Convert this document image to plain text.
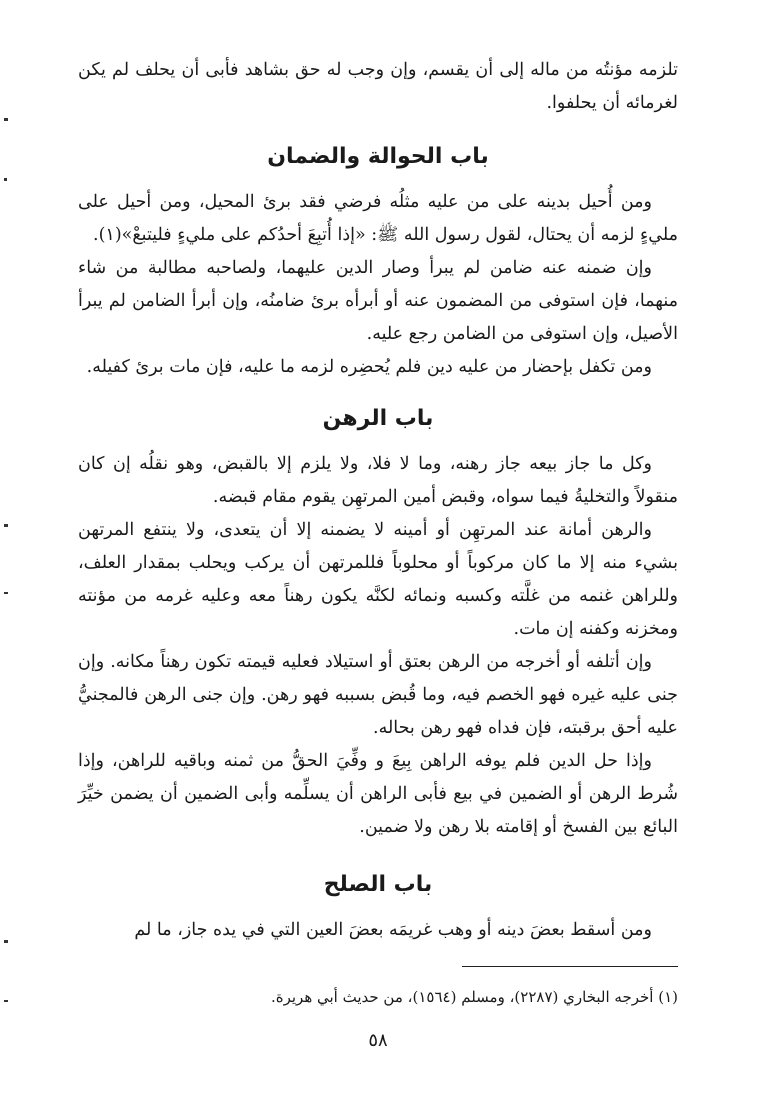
تلزمه مؤنتُه من ماله إلى أن يقسم، وإن وجب له حق بشاهد فأبى أن يحلف لم يكن لغرمائه أن يحلفوا.

باب الحوالة والضمان

ومن أُحيل بدينه على من عليه مثلُه فرضي فقد برئ المحيل، ومن أحيل على مليءٍ لزمه أن يحتال، لقول رسول الله ﷺ: «إذا أُتبِعَ أحدُكم على مليءٍ فليتبعْ»(١).

وإن ضمنه عنه ضامن لم يبرأ وصار الدين عليهما، ولصاحبه مطالبة من شاء منهما، فإن استوفى من المضمون عنه أو أبرأه برئ ضامنُه، وإن أبرأ الضامن لم يبرأ الأصيل، وإن استوفى من الضامن رجع عليه.

ومن تكفل بإحضار من عليه دين فلم يُحضِره لزمه ما عليه، فإن مات برئ كفيله.

باب الرهن

وكل ما جاز بيعه جاز رهنه، وما لا فلا، ولا يلزم إلا بالقبض، وهو نقلُه إن كان منقولاً والتخليةُ فيما سواه، وقبض أمين المرتهِن يقوم مقام قبضه.

والرهن أمانة عند المرتهِن أو أمينه لا يضمنه إلا أن يتعدى، ولا ينتفع المرتهن بشيء منه إلا ما كان مركوباً أو محلوباً فللمرتهن أن يركب ويحلب بمقدار العلف، وللراهن غنمه من غلَّته وكسبه ونمائه لكنَّه يكون رهناً معه وعليه غرمه من مؤنته ومخزنه وكفنه إن مات.

وإن أتلفه أو أخرجه من الرهن بعتق أو استيلاد فعليه قيمته تكون رهناً مكانه. وإن جنى عليه غيره فهو الخصم فيه، وما قُبض بسببه فهو رهن. وإن جنى الرهن فالمجنيُّ عليه أحق برقبته، فإن فداه فهو رهن بحاله.

وإذا حل الدين فلم يوفه الراهن بِيعَ و وفِّيَ الحقُّ من ثمنه وباقيه للراهن، وإذا شُرط الرهن أو الضمين في بيع فأبى الراهن أن يسلِّمه وأبى الضمين أن يضمن خيِّرَ البائع بين الفسخ أو إقامته بلا رهن ولا ضمين.

باب الصلح

ومن أسقط بعضَ دينه أو وهب غريمَه بعضَ العين التي في يده جاز، ما لم

(١) أخرجه البخاري (٢٢٨٧)، ومسلم (١٥٦٤)، من حديث أبي هريرة.
٥٨
